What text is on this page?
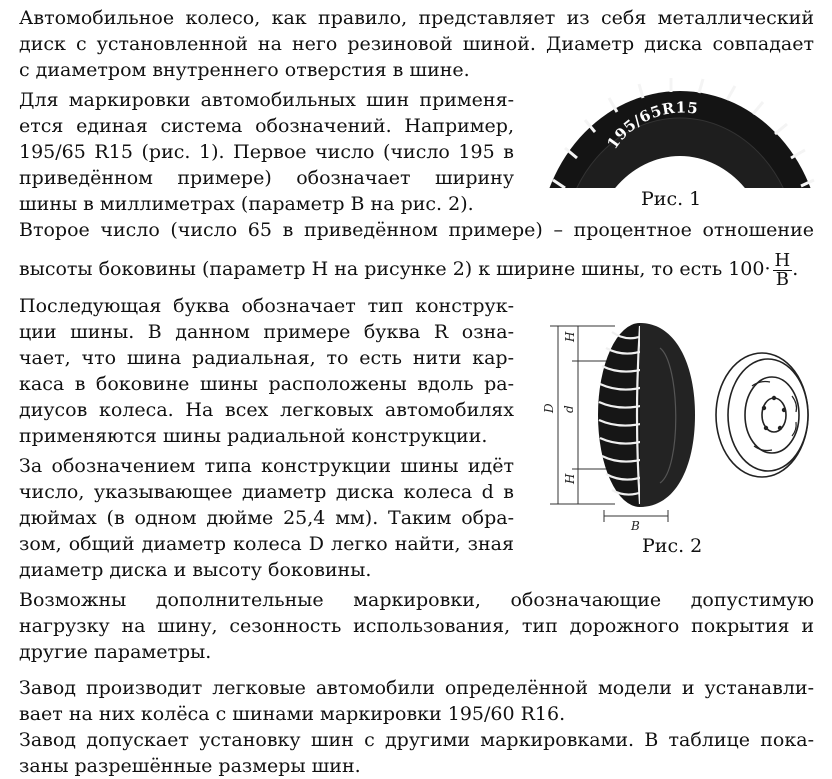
Автомобильное колесо, как правило, представляет из себя металлический
диск с установленной на него резиновой шиной. Диаметр диска совпадает
с диаметром внутреннего отверстия в шине.
Для маркировки автомобильных шин применя-
ется единая система обозначений. Например,
195/65 R15 (рис. 1). Первое число (число 195 в
приведённом примере) обозначает ширину
шины в миллиметрах (параметр B на рис. 2).
Второе число (число 65 в приведённом примере) – процентное отношение
высоты боковины (параметр H на рисунке 2) к ширине шины, то есть $100\cdot \frac{H}{B}$ .
Последующая буква обозначает тип конструк-
ции шины. В данном примере буква R озна-
чает, что шина радиальная, то есть нити кар-
каса в боковине шины расположены вдоль ра-
диусов колеса. На всех легковых автомобилях
применяются шины радиальной конструкции.
За обозначением типа конструкции шины идёт
число, указывающее диаметр диска колеса d в
дюймах (в одном дюйме 25,4 мм). Таким обра-
зом, общий диаметр колеса D легко найти, зная
диаметр диска и высоту боковины.
Возможны дополнительные маркировки, обозначающие допустимую
нагрузку на шину, сезонность использования, тип дорожного покрытия и
другие параметры.
Завод производит легковые автомобили определённой модели и устанавли-
вает на них колёса с шинами маркировки 195/60 R16.
Завод допускает установку шин с другими маркировками. В таблице пока-
заны разрешённые размеры шин.
195/65R15
Рис. 1
H
d
H
D
B
Рис. 2
